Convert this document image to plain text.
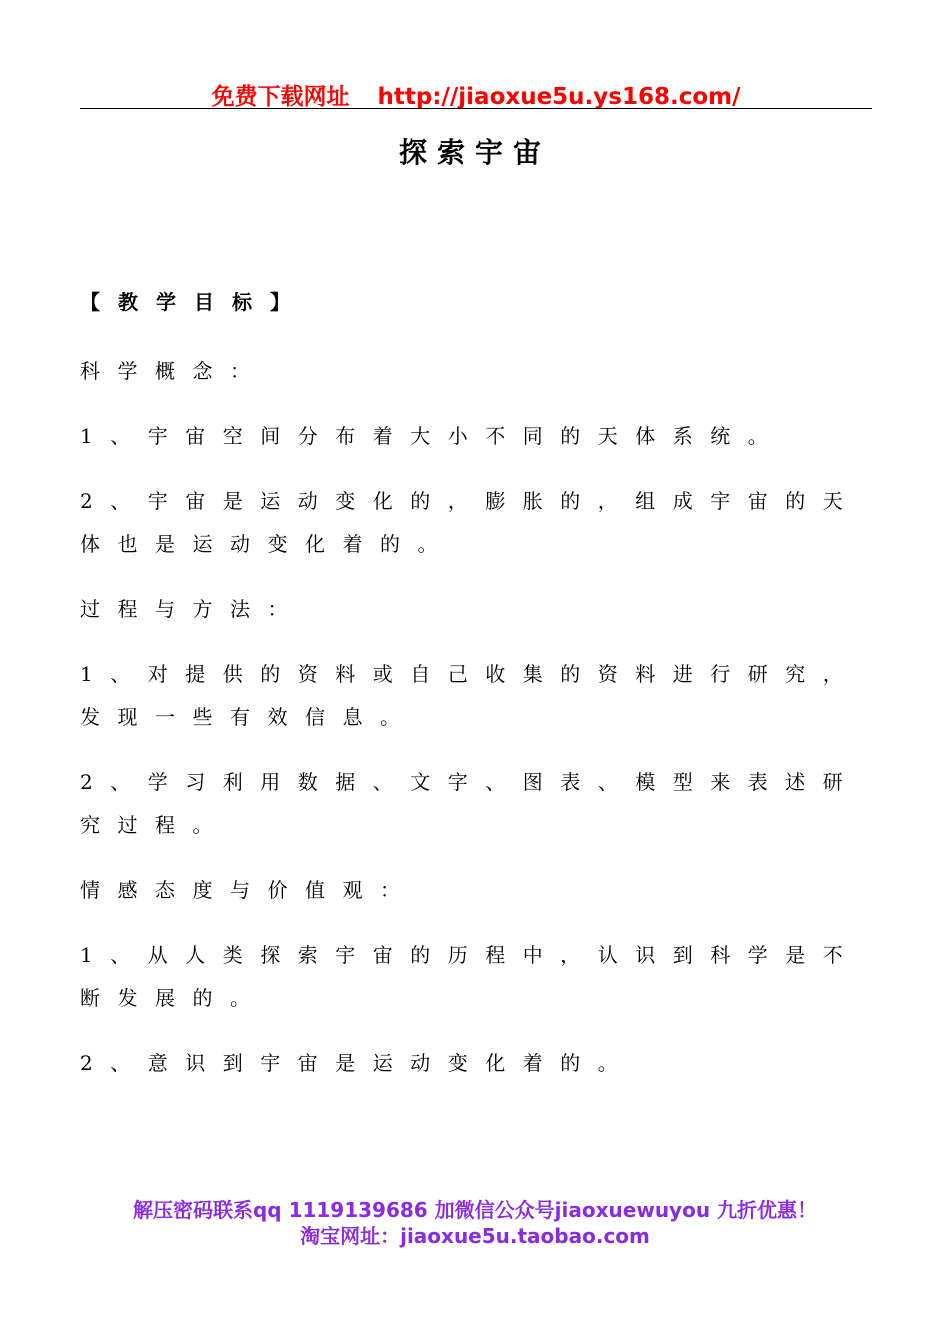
免费下载网址 http://jiaoxue5u.ys168.com/
探索宇宙
【教学目标】
科学概念：
1、宇宙空间分布着大小不同的天体系统。
2、宇宙是运动变化的，膨胀的，组成宇宙的天
体也是运动变化着的。
过程与方法：
1、对提供的资料或自己收集的资料进行研究，
发现一些有效信息。
2、学习利用数据、文字、图表、模型来表述研
究过程。
情感态度与价值观：
1、从人类探索宇宙的历程中，认识到科学是不
断发展的。
2、意识到宇宙是运动变化着的。
解压密码联系qq 1119139686 加微信公众号jiaoxuewuyou 九折优惠！
淘宝网址：jiaoxue5u.taobao.com
